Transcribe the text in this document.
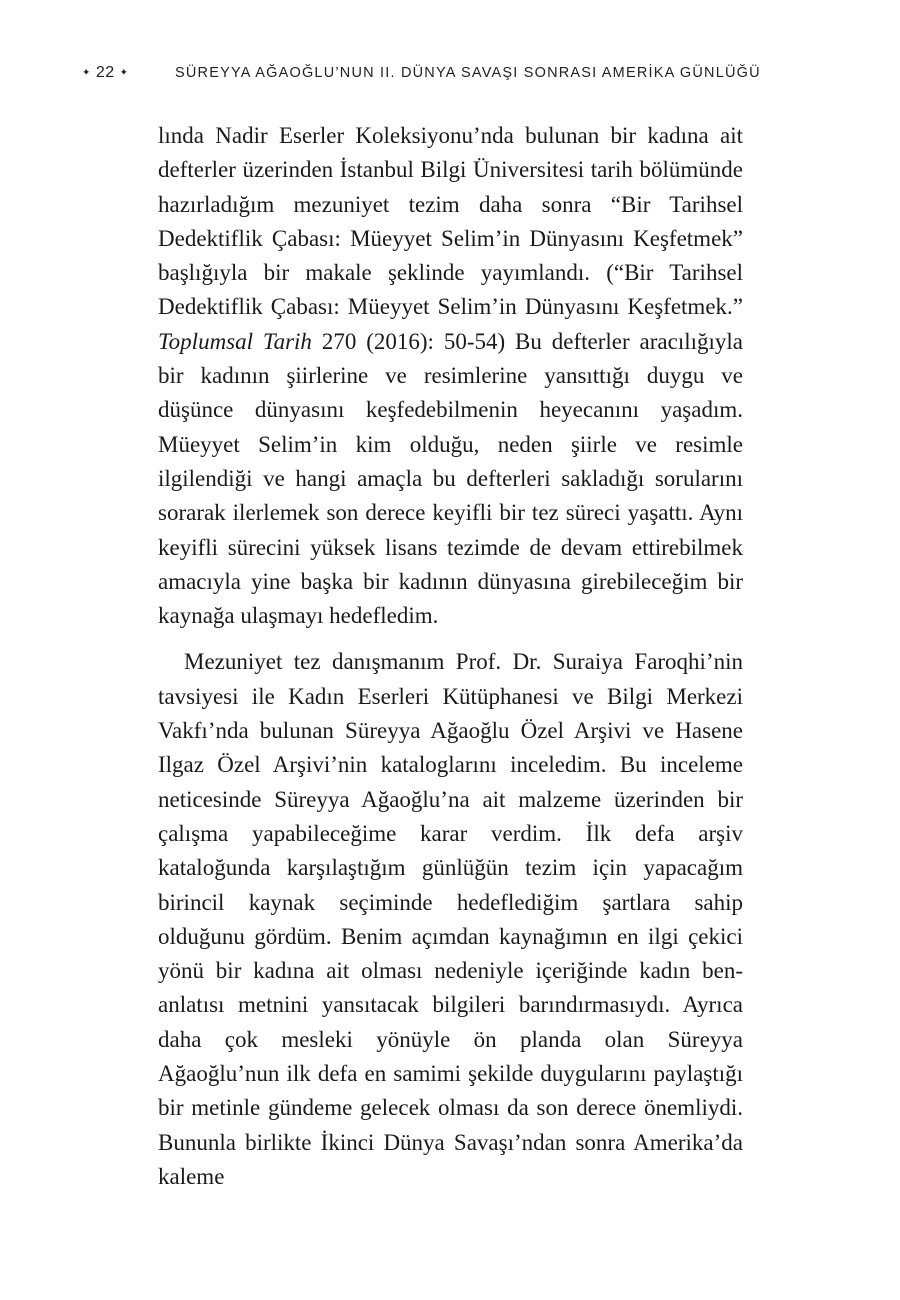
✦ 22 ✦	SÜREYYA AĞAOĞLU’NUN II. DÜNYA SAVAŞI SONRASI AMERİKA GÜNLÜĞÜ

lında Nadir Eserler Koleksiyonu’nda bulunan bir kadına ait defterler üzerinden İstanbul Bilgi Üniversitesi tarih bölümünde hazırladığım mezuniyet tezim daha sonra “Bir Tarihsel Dedektiflik Çabası: Müeyyet Selim’in Dünyasını Keşfetmek” başlığıyla bir makale şeklinde yayımlandı. (“Bir Tarihsel Dedektiflik Çabası: Müeyyet Selim’in Dünyasını Keşfetmek.” Toplumsal Tarih 270 (2016): 50-54) Bu defterler aracılığıyla bir kadının şiirlerine ve resimlerine yansıttığı duygu ve düşünce dünyasını keşfedebilmenin heyecanını yaşadım. Müeyyet Selim’in kim olduğu, neden şiirle ve resimle ilgilendiği ve hangi amaçla bu defterleri sakladığı sorularını sorarak ilerlemek son derece keyifli bir tez süreci yaşattı. Aynı keyifli sürecini yüksek lisans tezimde de devam ettirebilmek amacıyla yine başka bir kadının dünyasına girebileceğim bir kaynağa ulaşmayı hedefledim.

Mezuniyet tez danışmanım Prof. Dr. Suraiya Faroqhi’nin tavsiyesi ile Kadın Eserleri Kütüphanesi ve Bilgi Merkezi Vakfı’nda bulunan Süreyya Ağaoğlu Özel Arşivi ve Hasene Ilgaz Özel Arşivi’nin kataloglarını inceledim. Bu inceleme neticesinde Süreyya Ağaoğlu’na ait malzeme üzerinden bir çalışma yapabileceğime karar verdim. İlk defa arşiv kataloğunda karşılaştığım günlüğün tezim için yapacağım birincil kaynak seçiminde hedeflediğim şartlara sahip olduğunu gördüm. Benim açımdan kaynağımın en ilgi çekici yönü bir kadına ait olması nedeniyle içeriğinde kadın ben-anlatısı metnini yansıtacak bilgileri barındırmasıydı. Ayrıca daha çok mesleki yönüyle ön planda olan Süreyya Ağaoğlu’nun ilk defa en samimi şekilde duygularını paylaştığı bir metinle gündeme gelecek olması da son derece önemliydi. Bununla birlikte İkinci Dünya Savaşı’ndan sonra Amerika’da kaleme
